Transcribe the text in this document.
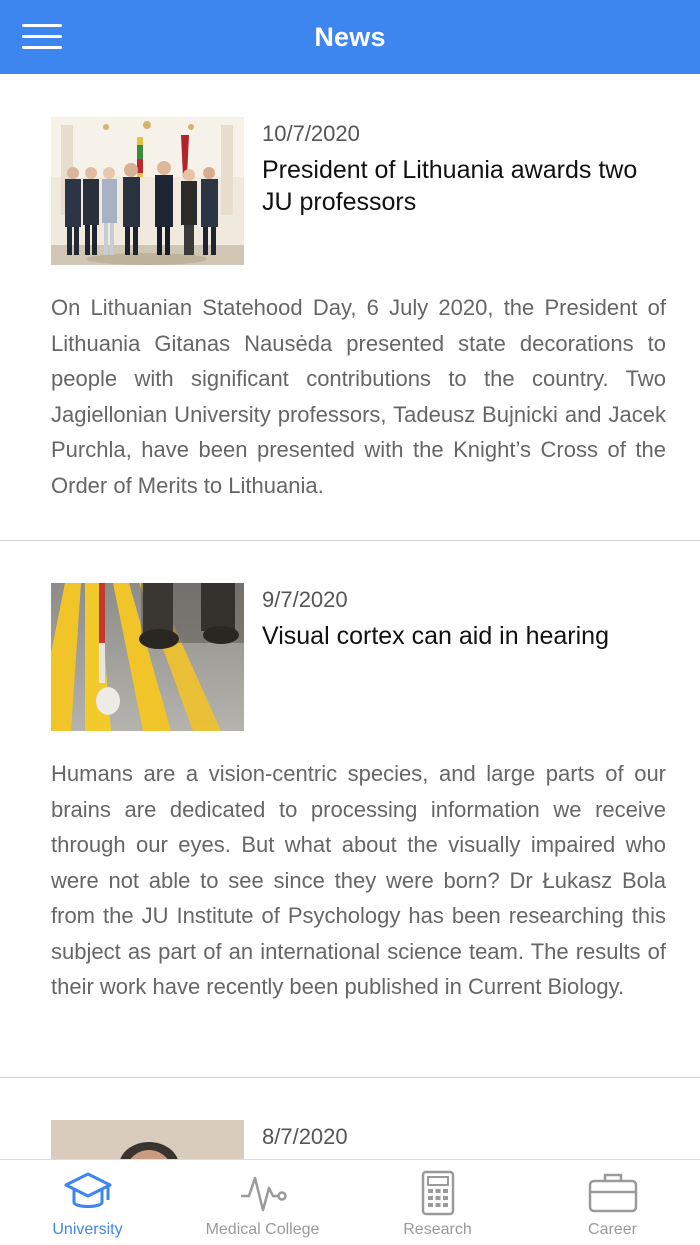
News
10/7/2020
President of Lithuania awards two JU professors
On Lithuanian Statehood Day, 6 July 2020, the President of Lithuania Gitanas Nausėda presented state decorations to people with significant contributions to the country. Two Jagiellonian University professors, Tadeusz Bujnicki and Jacek Purchla, have been presented with the Knight’s Cross of the Order of Merits to Lithuania.
9/7/2020
Visual cortex can aid in hearing
Humans are a vision-centric species, and large parts of our brains are dedicated to processing information we receive through our eyes. But what about the visually impaired who were not able to see since they were born? Dr Łukasz Bola from the JU Institute of Psychology has been researching this subject as part of an international science team. The results of their work have recently been published in Current Biology.
8/7/2020
University	Medical College	Research	Career
